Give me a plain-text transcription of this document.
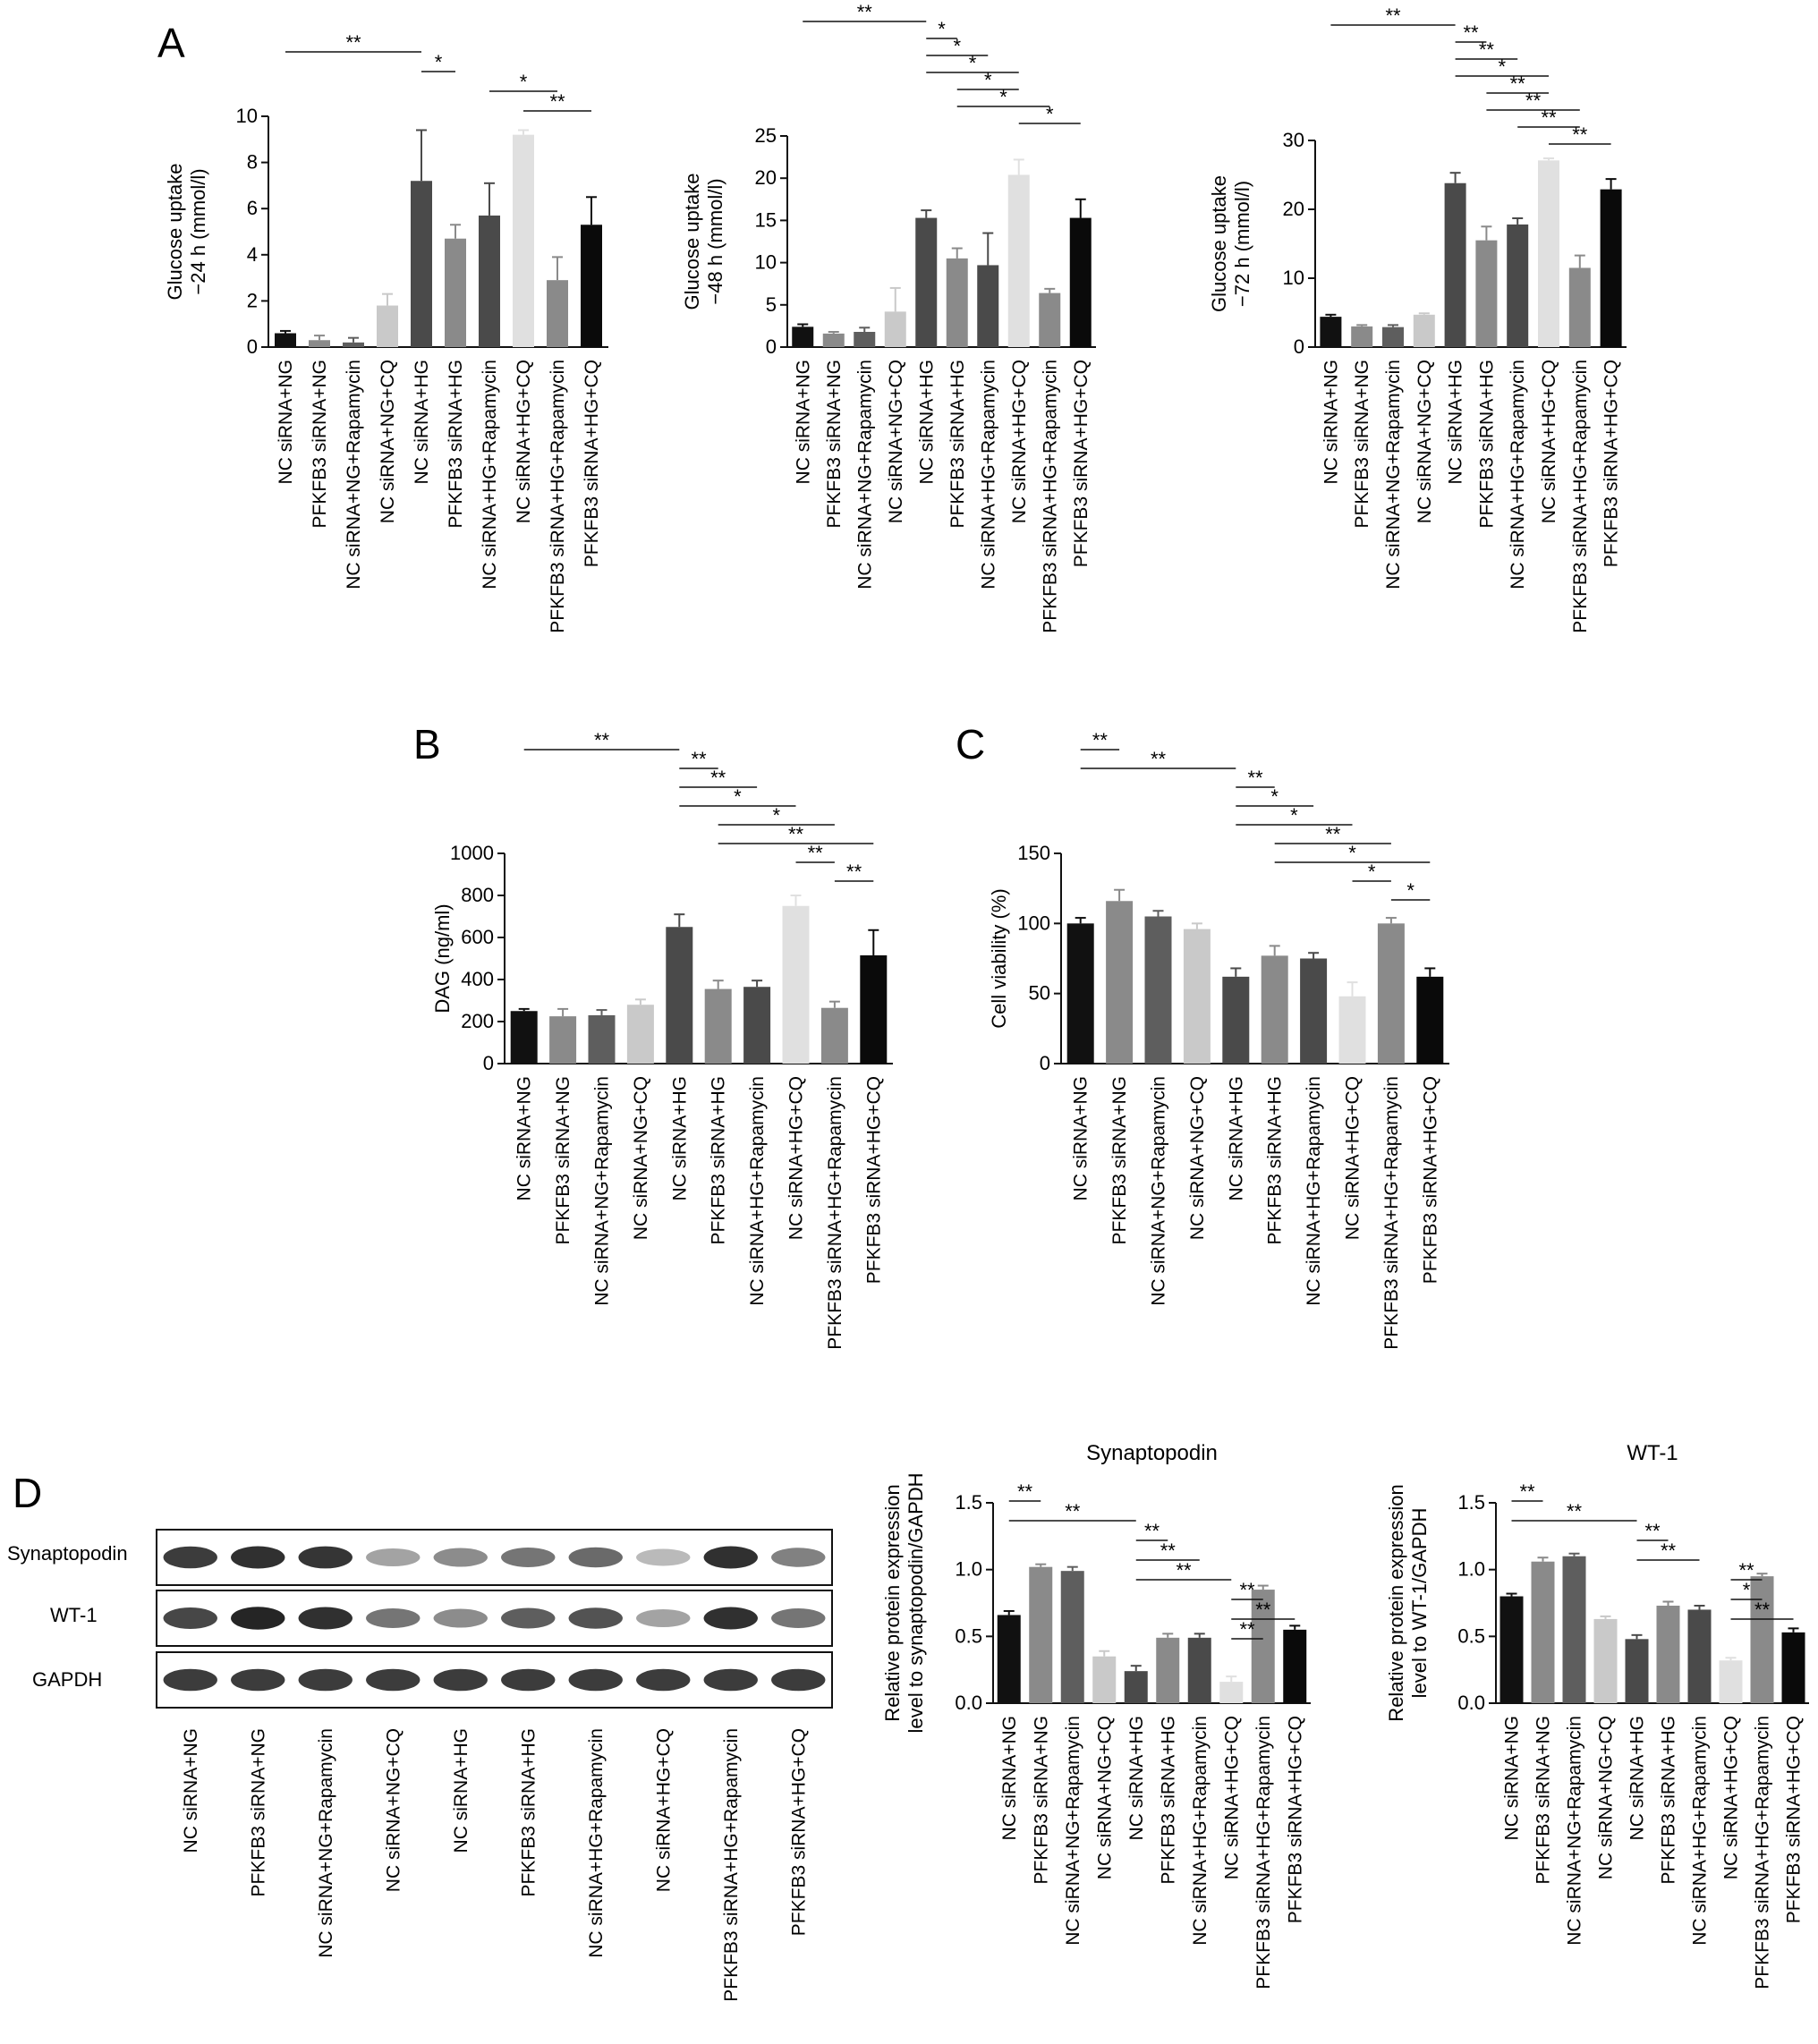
A
B	C
D
Synaptopodin
WT-1
GAPDH
NC siRNA+NG	PFKFB3 siRNA+NG	NC siRNA+NG+Rapamycin	NC siRNA+NG+CQ	NC siRNA+HG	PFKFB3 siRNA+HG	NC siRNA+HG+Rapamycin	NC siRNA+HG+CQ	PFKFB3 siRNA+HG+Rapamycin	PFKFB3 siRNA+HG+CQ
0
2
4
6
8
10
Glucose uptake −24 h (mmol/l)
NC siRNA+NG PFKFB3 siRNA+NG NC siRNA+NG+Rapamycin NC siRNA+NG+CQ NC siRNA+HG PFKFB3 siRNA+HG NC siRNA+HG+Rapamycin NC siRNA+HG+CQ PFKFB3 siRNA+HG+Rapamycin PFKFB3 siRNA+HG+CQ
**
*
*
**
0
5
10
15
20
25
Glucose uptake −48 h (mmol/l)
NC siRNA+NG PFKFB3 siRNA+NG NC siRNA+NG+Rapamycin NC siRNA+NG+CQ NC siRNA+HG PFKFB3 siRNA+HG NC siRNA+HG+Rapamycin NC siRNA+HG+CQ PFKFB3 siRNA+HG+Rapamycin PFKFB3 siRNA+HG+CQ
**
*
*
*
*
*
*
0
10
20
30
Glucose uptake −72 h (mmol/l)
NC siRNA+NG PFKFB3 siRNA+NG NC siRNA+NG+Rapamycin NC siRNA+NG+CQ NC siRNA+HG PFKFB3 siRNA+HG NC siRNA+HG+Rapamycin NC siRNA+HG+CQ PFKFB3 siRNA+HG+Rapamycin PFKFB3 siRNA+HG+CQ
**
**
**
*
**
**
**
**
0
200
400
600
800
1000
DAG (ng/ml)
NC siRNA+NG PFKFB3 siRNA+NG NC siRNA+NG+Rapamycin NC siRNA+NG+CQ NC siRNA+HG PFKFB3 siRNA+HG NC siRNA+HG+Rapamycin NC siRNA+HG+CQ PFKFB3 siRNA+HG+Rapamycin PFKFB3 siRNA+HG+CQ
**
**
**
*
*
**
**
**
0
50
100
150
Cell viability (%)
NC siRNA+NG PFKFB3 siRNA+NG NC siRNA+NG+Rapamycin NC siRNA+NG+CQ NC siRNA+HG PFKFB3 siRNA+HG NC siRNA+HG+Rapamycin NC siRNA+HG+CQ PFKFB3 siRNA+HG+Rapamycin PFKFB3 siRNA+HG+CQ
**
**
**
*
*
**
*
*
*
Synaptopodin
0.0
0.5
1.0
1.5
Relative protein expression level to synaptopodin/GAPDH
NC siRNA+NG PFKFB3 siRNA+NG NC siRNA+NG+Rapamycin NC siRNA+NG+CQ NC siRNA+HG PFKFB3 siRNA+HG NC siRNA+HG+Rapamycin NC siRNA+HG+CQ PFKFB3 siRNA+HG+Rapamycin PFKFB3 siRNA+HG+CQ
**
**
**
**
**
**
**
**
WT-1
0.0
0.5
1.0
1.5
Relative protein expression level to WT-1/GAPDH
NC siRNA+NG PFKFB3 siRNA+NG NC siRNA+NG+Rapamycin NC siRNA+NG+CQ NC siRNA+HG PFKFB3 siRNA+HG NC siRNA+HG+Rapamycin NC siRNA+HG+CQ PFKFB3 siRNA+HG+Rapamycin PFKFB3 siRNA+HG+CQ
**
**
**
**
**
*
**
